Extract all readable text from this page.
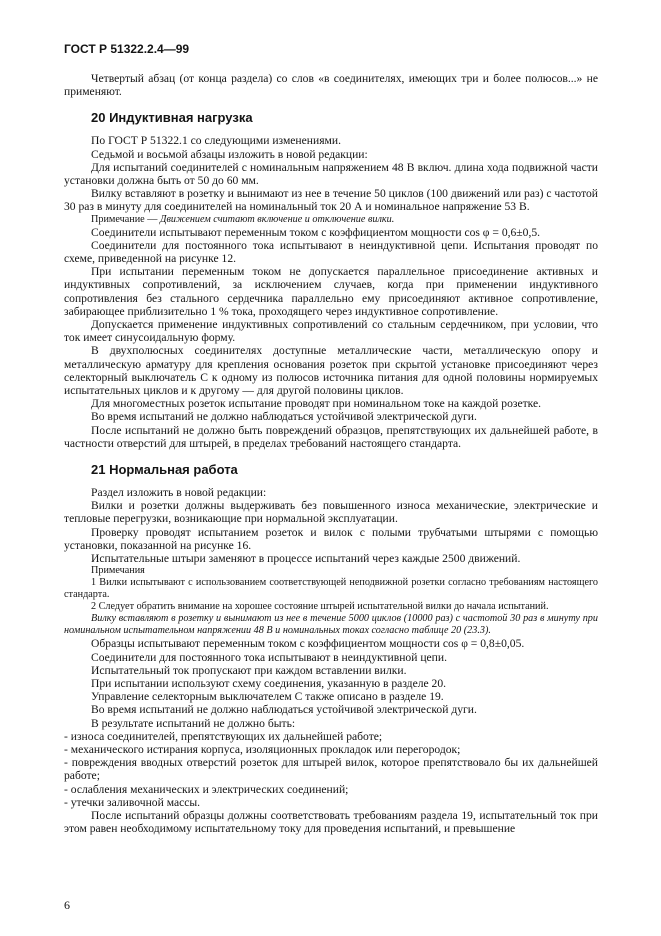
ГОСТ Р 51322.2.4—99

Четвертый абзац (от конца раздела) со слов «в соединителях, имеющих три и более полюсов...» не применяют.

20 Индуктивная нагрузка

По ГОСТ Р 51322.1 со следующими изменениями.

Седьмой и восьмой абзацы изложить в новой редакции:

Для испытаний соединителей с номинальным напряжением 48 В включ. длина хода подвижной части установки должна быть от 50 до 60 мм.

Вилку вставляют в розетку и вынимают из нее в течение 50 циклов (100 движений или раз) с частотой 30 раз в минуту для соединителей на номинальный ток 20 А и номинальное напряжение 53 В.

Примечание — Движением считают включение и отключение вилки.

Соединители испытывают переменным током с коэффициентом мощности cos φ = 0,6±0,5.

Соединители для постоянного тока испытывают в неиндуктивной цепи. Испытания проводят по схеме, приведенной на рисунке 12.

При испытании переменным током не допускается параллельное присоединение активных и индуктивных сопротивлений, за исключением случаев, когда при применении индуктивного сопротивления без стального сердечника параллельно ему присоединяют активное сопротивление, забирающее приблизительно 1 % тока, проходящего через индуктивное сопротивление.

Допускается применение индуктивных сопротивлений со стальным сердечником, при условии, что ток имеет синусоидальную форму.

В двухполюсных соединителях доступные металлические части, металлическую опору и металлическую арматуру для крепления основания розеток при скрытой установке присоединяют через селекторный выключатель С к одному из полюсов источника питания для одной половины нормируемых испытательных циклов и к другому — для другой половины циклов.

Для многоместных розеток испытание проводят при номинальном токе на каждой розетке.

Во время испытаний не должно наблюдаться устойчивой электрической дуги.

После испытаний не должно быть повреждений образцов, препятствующих их дальнейшей работе, в частности отверстий для штырей, в пределах требований настоящего стандарта.

21 Нормальная работа

Раздел изложить в новой редакции:

Вилки и розетки должны выдерживать без повышенного износа механические, электрические и тепловые перегрузки, возникающие при нормальной эксплуатации.

Проверку проводят испытанием розеток и вилок с полыми трубчатыми штырями с помощью установки, показанной на рисунке 16.

Испытательные штыри заменяют в процессе испытаний через каждые 2500 движений.

Примечания

1 Вилки испытывают с использованием соответствующей неподвижной розетки согласно требованиям настоящего стандарта.

2 Следует обратить внимание на хорошее состояние штырей испытательной вилки до начала испытаний.

Вилку вставляют в розетку и вынимают из нее в течение 5000 циклов (10000 раз) с частотой 30 раз в минуту при номинальном испытательном напряжении 48 В и номинальных токах согласно таблице 20 (23.3).

Образцы испытывают переменным током с коэффициентом мощности cos φ = 0,8±0,05.

Соединители для постоянного тока испытывают в неиндуктивной цепи.

Испытательный ток пропускают при каждом вставлении вилки.

При испытании используют схему соединения, указанную в разделе 20.

Управление селекторным выключателем С также описано в разделе 19.

Во время испытаний не должно наблюдаться устойчивой электрической дуги.

В результате испытаний не должно быть:

- износа соединителей, препятствующих их дальнейшей работе;

- механического истирания корпуса, изоляционных прокладок или перегородок;

- повреждения вводных отверстий розеток для штырей вилок, которое препятствовало бы их дальнейшей работе;

- ослабления механических и электрических соединений;

- утечки заливочной массы.

После испытаний образцы должны соответствовать требованиям раздела 19, испытательный ток при этом равен необходимому испытательному току для проведения испытаний, и превышение

6
